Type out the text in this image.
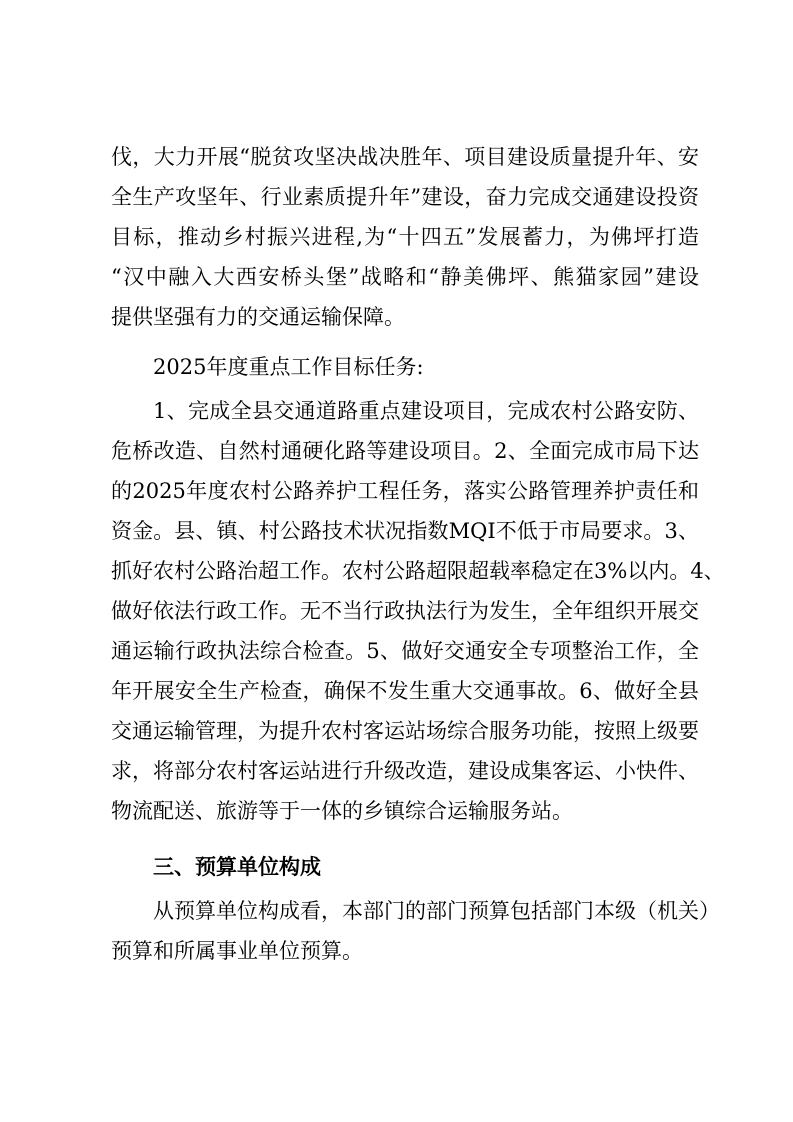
伐，大力开展“脱贫攻坚决战决胜年、项目建设质量提升年、安
全生产攻坚年、行业素质提升年”建设，奋力完成交通建设投资
目标，推动乡村振兴进程,为“十四五”发展蓄力，为佛坪打造
“汉中融入大西安桥头堡”战略和“静美佛坪、熊猫家园”建设
提供坚强有力的交通运输保障。
2025年度重点工作目标任务:
1、完成全县交通道路重点建设项目，完成农村公路安防、
危桥改造、自然村通硬化路等建设项目。2、全面完成市局下达
的2025年度农村公路养护工程任务，落实公路管理养护责任和
资金。县、镇、村公路技术状况指数MQI不低于市局要求。3、
抓好农村公路治超工作。农村公路超限超载率稳定在3%以内。4、
做好依法行政工作。无不当行政执法行为发生，全年组织开展交
通运输行政执法综合检查。5、做好交通安全专项整治工作，全
年开展安全生产检查，确保不发生重大交通事故。6、做好全县
交通运输管理，为提升农村客运站场综合服务功能，按照上级要
求，将部分农村客运站进行升级改造，建设成集客运、小快件、
物流配送、旅游等于一体的乡镇综合运输服务站。
三、预算单位构成
从预算单位构成看，本部门的部门预算包括部门本级（机关）
预算和所属事业单位预算。
